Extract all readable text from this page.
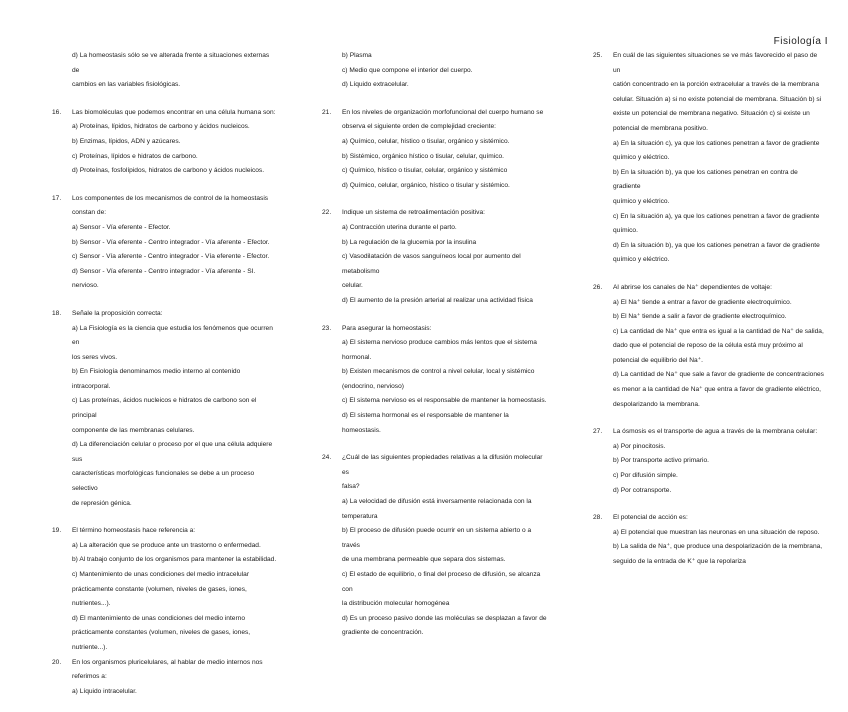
Fisiología I
d) La homeostasis sólo se ve alterada frente a situaciones externas de
cambios en las variables fisiológicas.
16. Las biomoléculas que podemos encontrar en una célula humana son:
a) Proteínas, lípidos, hidratos de carbono y ácidos nucleicos.
b) Enzimas, lípidos, ADN y azúcares.
c) Proteínas, lípidos e hidratos de carbono.
d) Proteínas, fosfolípidos, hidratos de carbono y ácidos nucleicos.
17. Los componentes de los mecanismos de control de la homeostasis
constan de:
a) Sensor - Vía eferente - Efector.
b) Sensor - Vía eferente - Centro integrador - Vía aferente - Efector.
c) Sensor - Vía aferente - Centro integrador - Vía eferente - Efector.
d) Sensor - Vía eferente - Centro integrador - Vía aferente - SI. nervioso.
18. Señale la proposición correcta:
a) La Fisiología es la ciencia que estudia los fenómenos que ocurren en
los seres vivos.
b) En Fisiología denominamos medio interno al contenido intracorporal.
c) Las proteínas, ácidos nucleicos e hidratos de carbono son el principal
componente de las membranas celulares.
d) La diferenciación celular o proceso por el que una célula adquiere sus
características morfológicas funcionales se debe a un proceso selectivo
de represión génica.
19. El término homeostasis hace referencia a:
a) La alteración que se produce ante un trastorno o enfermedad.
b) Al trabajo conjunto de los organismos para mantener la estabilidad.
c) Mantenimiento de unas condiciones del medio intracelular
prácticamente constante (volumen, niveles de gases, iones, nutrientes...).
d) El mantenimiento de unas condiciones del medio interno
prácticamente constantes (volumen, niveles de gases, iones, nutriente...).
20. En los organismos pluricelulares, al hablar de medio internos nos
referimos a:
a) Líquido intracelular.
b) Plasma
c) Medio que compone el interior del cuerpo.
d) Líquido extracelular.
21. En los niveles de organización morfofuncional del cuerpo humano se
observa el siguiente orden de complejidad creciente:
a) Químico, celular, hístico o tisular, orgánico y sistémico.
b) Sistémico, orgánico hístico o tisular, celular, químico.
c) Químico, hístico o tisular, celular, orgánico y sistémico
d) Químico, celular, orgánico, hístico o tisular y sistémico.
22. Indique un sistema de retroalimentación positiva:
a) Contracción uterina durante el parto.
b) La regulación de la glucemia por la insulina
c) Vasodilatación de vasos sanguíneos local por aumento del metabolismo
celular.
d) El aumento de la presión arterial al realizar una actividad física
23. Para asegurar la homeostasis:
a) El sistema nervioso produce cambios más lentos que el sistema
hormonal.
b) Existen mecanismos de control a nivel celular, local y sistémico
(endocrino, nervioso)
c) El sistema nervioso es el responsable de mantener la homeostasis.
d) El sistema hormonal es el responsable de mantener la homeostasis.
24. ¿Cuál de las siguientes propiedades relativas a la difusión molecular es
falsa?
a) La velocidad de difusión está inversamente relacionada con la
temperatura
b) El proceso de difusión puede ocurrir en un sistema abierto o a través
de una membrana permeable que separa dos sistemas.
c) El estado de equilibrio, o final del proceso de difusión, se alcanza con
la distribución molecular homogénea
d) Es un proceso pasivo donde las moléculas se desplazan a favor de
gradiente de concentración.
25. En cuál de las siguientes situaciones se ve más favorecido el paso de un
catión concentrado en la porción extracelular a través de la membrana
celular. Situación a) si no existe potencial de membrana. Situación b) si
existe un potencial de membrana negativo. Situación c) si existe un
potencial de membrana positivo.
a) En la situación c), ya que los cationes penetran a favor de gradiente
químico y eléctrico.
b) En la situación b), ya que los cationes penetran en contra de gradiente
químico y eléctrico.
c) En la situación a), ya que los cationes penetran a favor de gradiente
químico.
d) En la situación b), ya que los cationes penetran a favor de gradiente
químico y eléctrico.
26. Al abrirse los canales de Na⁺ dependientes de voltaje:
a) El Na⁺ tiende a entrar a favor de gradiente electroquímico.
b) El Na⁺ tiende a salir a favor de gradiente electroquímico.
c) La cantidad de Na⁺ que entra es igual a la cantidad de Na⁺ de salida,
dado que el potencial de reposo de la célula está muy próximo al
potencial de equilibrio del Na⁺.
d) La cantidad de Na⁺ que sale a favor de gradiente de concentraciones
es menor a la cantidad de Na⁺ que entra a favor de gradiente eléctrico,
despolarizando la membrana.
27. La ósmosis es el transporte de agua a través de la membrana celular:
a) Por pinocitosis.
b) Por transporte activo primario.
c) Por difusión simple.
d) Por cotransporte.
28. El potencial de acción es:
a) El potencial que muestran las neuronas en una situación de reposo.
b) La salida de Na⁺, que produce una despolarización de la membrana,
seguido de la entrada de K⁺ que la repolariza
